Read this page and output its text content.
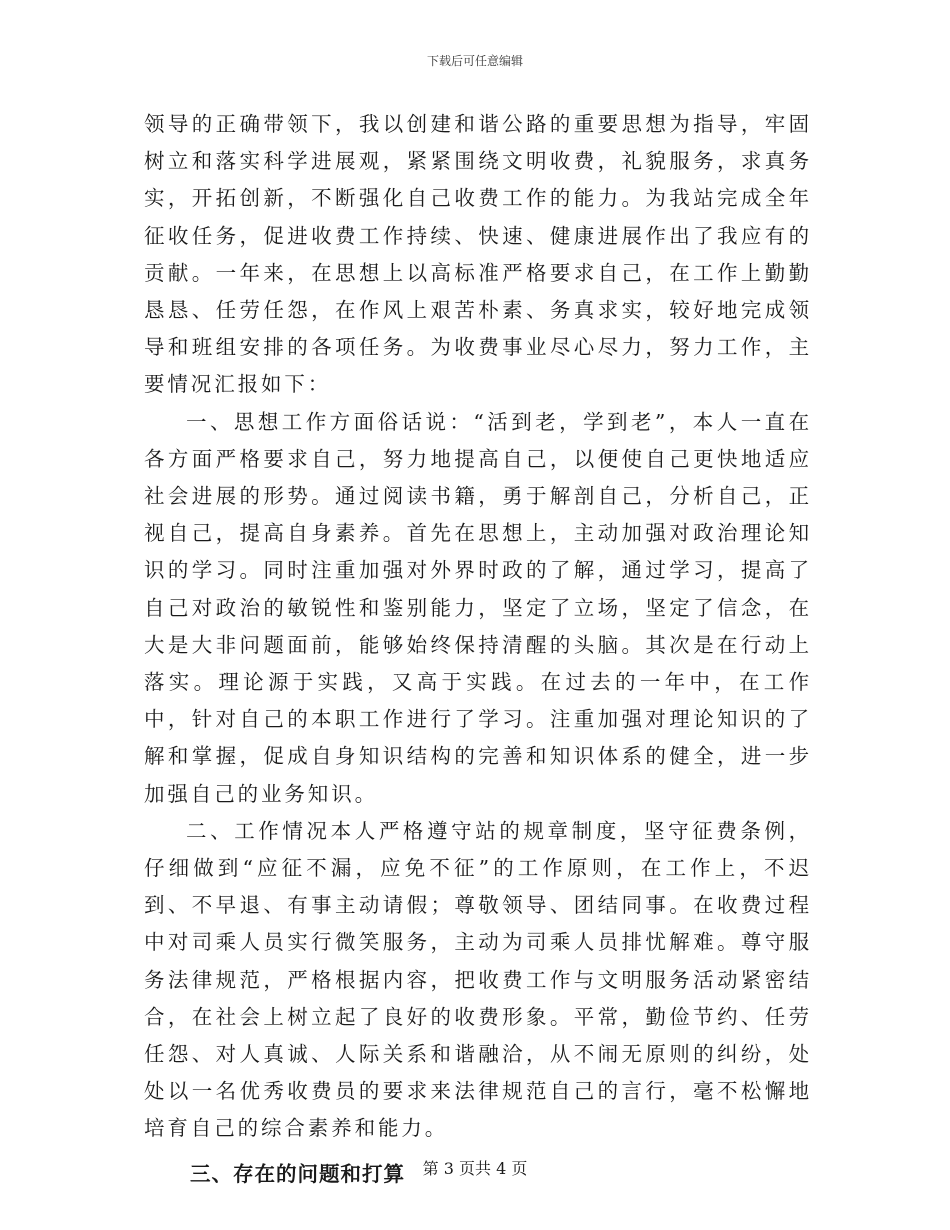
下载后可任意编辑

领导的正确带领下，我以创建和谐公路的重要思想为指导，牢固树立和落实科学进展观，紧紧围绕文明收费，礼貌服务，求真务实，开拓创新，不断强化自己收费工作的能力。为我站完成全年征收任务，促进收费工作持续、快速、健康进展作出了我应有的贡献。一年来，在思想上以高标准严格要求自己，在工作上勤勤恳恳、任劳任怨，在作风上艰苦朴素、务真求实，较好地完成领导和班组安排的各项任务。为收费事业尽心尽力，努力工作，主要情况汇报如下：

一、思想工作方面俗话说：“活到老，学到老”，本人一直在各方面严格要求自己，努力地提高自己，以便使自己更快地适应社会进展的形势。通过阅读书籍，勇于解剖自己，分析自己，正视自己，提高自身素养。首先在思想上，主动加强对政治理论知识的学习。同时注重加强对外界时政的了解，通过学习，提高了自己对政治的敏锐性和鉴别能力，坚定了立场，坚定了信念，在大是大非问题面前，能够始终保持清醒的头脑。其次是在行动上落实。理论源于实践，又高于实践。在过去的一年中，在工作中，针对自己的本职工作进行了学习。注重加强对理论知识的了解和掌握，促成自身知识结构的完善和知识体系的健全，进一步加强自己的业务知识。

二、工作情况本人严格遵守站的规章制度，坚守征费条例，仔细做到“应征不漏，应免不征”的工作原则，在工作上，不迟到、不早退、有事主动请假；尊敬领导、团结同事。在收费过程中对司乘人员实行微笑服务，主动为司乘人员排忧解难。尊守服务法律规范，严格根据内容，把收费工作与文明服务活动紧密结合，在社会上树立起了良好的收费形象。平常，勤俭节约、任劳任怨、对人真诚、人际关系和谐融洽，从不闹无原则的纠纷，处处以一名优秀收费员的要求来法律规范自己的言行，毫不松懈地培育自己的综合素养和能力。

三、存在的问题和打算	第 3 页共 4 页
